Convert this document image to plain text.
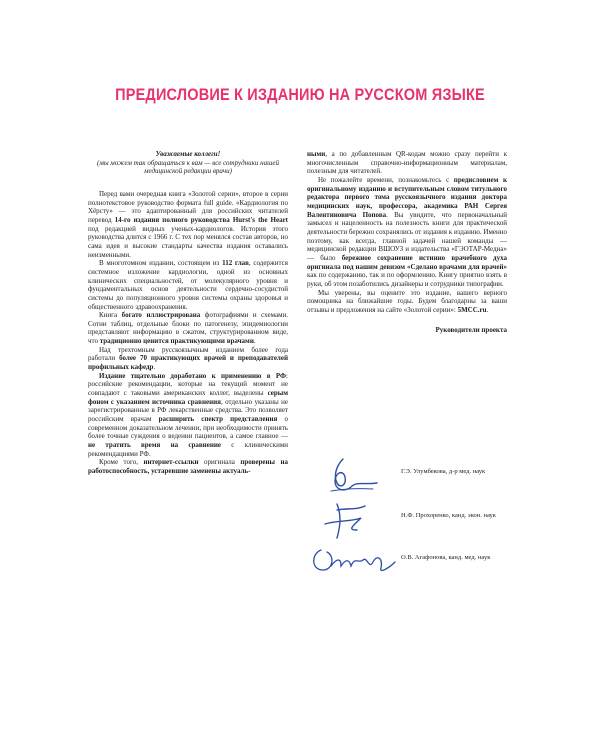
ПРЕДИСЛОВИЕ К ИЗДАНИЮ НА РУССКОМ ЯЗЫКЕ

Уважаемые коллеги!

(мы можем так обращаться к вам — все сотрудники нашей медицинской редакции врачи)

Перед вами очередная книга «Золотой серии», второе в серии полнотекстовое руководство формата full guide. «Кардиология по Хёрсту» — это адаптированный для российских читателей перевод 14-го издания полного руководства Hurst's the Heart под редакцией видных ученых-кардиологов. История этого руководства длится с 1966 г. С тех пор менялся состав авторов, но сама идея и высокие стандарты качества издания оставались неизменными.

В многотомном издании, состоящем из 112 глав, содержится системное изложение кардиологии, одной из основных клинических специальностей, от молекулярного уровня и фундаментальных основ деятельности сердечно-сосудистой системы до популяционного уровня системы охраны здоровья и общественного здравоохранения.

Книга богато иллюстрирована фотографиями и схемами. Сотни таблиц, отдельные блоки по патогенезу, эпидемиологии представляют информацию в сжатом, структурированном виде, что традиционно ценится практикующими врачами.

Над трехтомным русскоязычным изданием более года работали более 70 практикующих врачей и преподавателей профильных кафедр.

Издание тщательно доработано к применению в РФ: российские рекомендации, которые на текущий момент не совпадают с таковыми американских коллег, выделены серым фоном с указанием источника сравнения, отдельно указаны не зарегистрированные в РФ лекарственные средства. Это позволяет российским врачам расширить спектр представления о современном доказательном лечении, при необходимости принять более точные суждения о ведении пациентов, а самое главное — не тратить время на сравнение с клиническими рекомендациями РФ.

Кроме того, интернет-ссылки оригинала проверены на работоспособность, устаревшие заменены актуаль-

ными, а по добавленным QR-кодам можно сразу перейти к многочисленным справочно-информационным материалам, полезным для читателей.

Не пожалейте времени, познакомьтесь с предисловием к оригинальному изданию и вступительным словом титульного редактора первого тома русскоязычного издания доктора медицинских наук, профессора, академика РАН Сергея Валентиновича Попова. Вы увидите, что первоначальный замысел и нацеленность на полезность книги для практической деятельности бережно сохранялись от издания к изданию. Именно поэтому, как всегда, главной задачей нашей команды — медицинской редакции ВШОУЗ и издательства «ГЭОТАР-Медиа» — было бережное сохранение истинно врачебного духа оригинала под нашим девизом «Сделано врачами для врачей» как по содержанию, так и по оформлению. Книгу приятно взять в руки, об этом позаботились дизайнеры и сотрудники типографии.

Мы уверены, вы оцените это издание, вашего верного помощника на ближайшие годы. Будем благодарны за ваши отзывы и предложения на сайте «Золотой серии»: 5MCC.ru.

Руководители проекта

Г.Э. Улумбекова, д-р мед. наук
Н.Ф. Прохоренко, канд. экон. наук
О.В. Агафонова, канд. мед. наук
